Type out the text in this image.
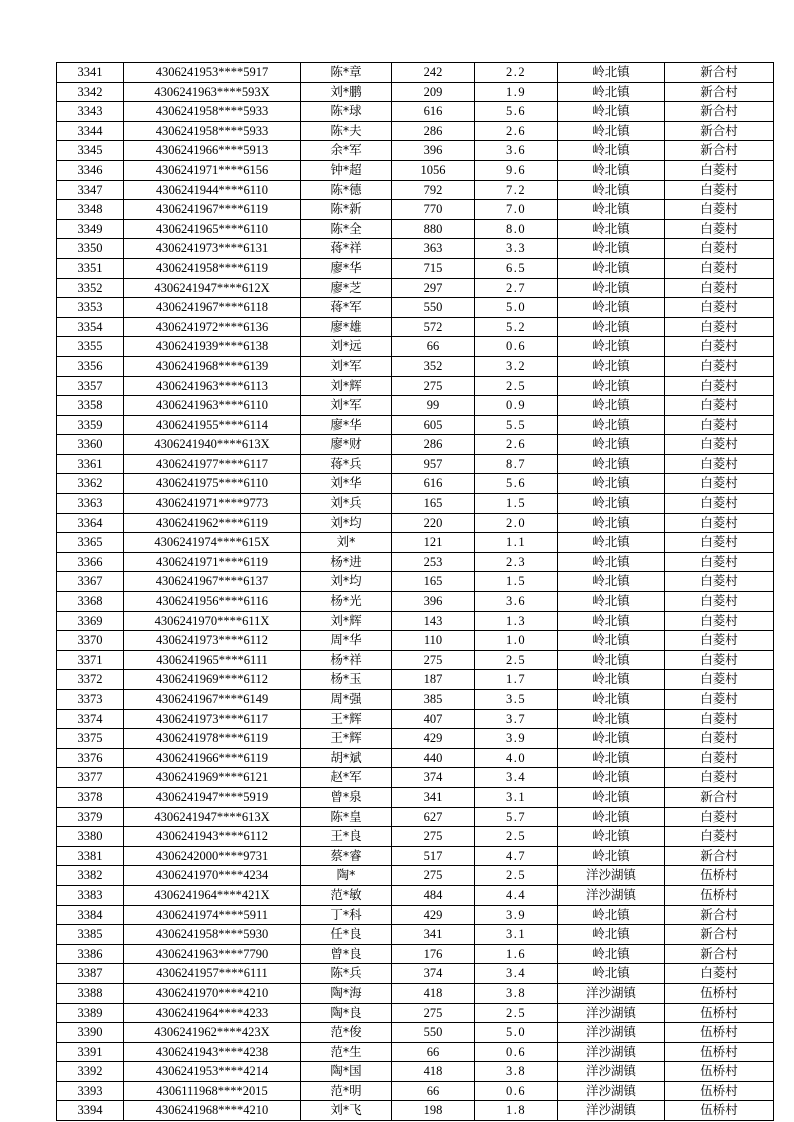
3341	4306241953****5917	陈*章	242	2.2	岭北镇	新合村
3342	4306241963****593X	刘*鹏	209	1.9	岭北镇	新合村
3343	4306241958****5933	陈*球	616	5.6	岭北镇	新合村
3344	4306241958****5933	陈*夫	286	2.6	岭北镇	新合村
3345	4306241966****5913	余*军	396	3.6	岭北镇	新合村
3346	4306241971****6156	钟*超	1056	9.6	岭北镇	白菱村
3347	4306241944****6110	陈*德	792	7.2	岭北镇	白菱村
3348	4306241967****6119	陈*新	770	7.0	岭北镇	白菱村
3349	4306241965****6110	陈*全	880	8.0	岭北镇	白菱村
3350	4306241973****6131	蒋*祥	363	3.3	岭北镇	白菱村
3351	4306241958****6119	廖*华	715	6.5	岭北镇	白菱村
3352	4306241947****612X	廖*芝	297	2.7	岭北镇	白菱村
3353	4306241967****6118	蒋*军	550	5.0	岭北镇	白菱村
3354	4306241972****6136	廖*雄	572	5.2	岭北镇	白菱村
3355	4306241939****6138	刘*远	66	0.6	岭北镇	白菱村
3356	4306241968****6139	刘*军	352	3.2	岭北镇	白菱村
3357	4306241963****6113	刘*辉	275	2.5	岭北镇	白菱村
3358	4306241963****6110	刘*军	99	0.9	岭北镇	白菱村
3359	4306241955****6114	廖*华	605	5.5	岭北镇	白菱村
3360	4306241940****613X	廖*财	286	2.6	岭北镇	白菱村
3361	4306241977****6117	蒋*兵	957	8.7	岭北镇	白菱村
3362	4306241975****6110	刘*华	616	5.6	岭北镇	白菱村
3363	4306241971****9773	刘*兵	165	1.5	岭北镇	白菱村
3364	4306241962****6119	刘*均	220	2.0	岭北镇	白菱村
3365	4306241974****615X	刘*	121	1.1	岭北镇	白菱村
3366	4306241971****6119	杨*进	253	2.3	岭北镇	白菱村
3367	4306241967****6137	刘*均	165	1.5	岭北镇	白菱村
3368	4306241956****6116	杨*光	396	3.6	岭北镇	白菱村
3369	4306241970****611X	刘*辉	143	1.3	岭北镇	白菱村
3370	4306241973****6112	周*华	110	1.0	岭北镇	白菱村
3371	4306241965****6111	杨*祥	275	2.5	岭北镇	白菱村
3372	4306241969****6112	杨*玉	187	1.7	岭北镇	白菱村
3373	4306241967****6149	周*强	385	3.5	岭北镇	白菱村
3374	4306241973****6117	王*辉	407	3.7	岭北镇	白菱村
3375	4306241978****6119	王*辉	429	3.9	岭北镇	白菱村
3376	4306241966****6119	胡*斌	440	4.0	岭北镇	白菱村
3377	4306241969****6121	赵*军	374	3.4	岭北镇	白菱村
3378	4306241947****5919	曾*泉	341	3.1	岭北镇	新合村
3379	4306241947****613X	陈*皇	627	5.7	岭北镇	白菱村
3380	4306241943****6112	王*良	275	2.5	岭北镇	白菱村
3381	4306242000****9731	蔡*睿	517	4.7	岭北镇	新合村
3382	4306241970****4234	陶*	275	2.5	洋沙湖镇	伍桥村
3383	4306241964****421X	范*敏	484	4.4	洋沙湖镇	伍桥村
3384	4306241974****5911	丁*科	429	3.9	岭北镇	新合村
3385	4306241958****5930	任*良	341	3.1	岭北镇	新合村
3386	4306241963****7790	曾*良	176	1.6	岭北镇	新合村
3387	4306241957****6111	陈*兵	374	3.4	岭北镇	白菱村
3388	4306241970****4210	陶*海	418	3.8	洋沙湖镇	伍桥村
3389	4306241964****4233	陶*良	275	2.5	洋沙湖镇	伍桥村
3390	4306241962****423X	范*俊	550	5.0	洋沙湖镇	伍桥村
3391	4306241943****4238	范*生	66	0.6	洋沙湖镇	伍桥村
3392	4306241953****4214	陶*国	418	3.8	洋沙湖镇	伍桥村
3393	4306111968****2015	范*明	66	0.6	洋沙湖镇	伍桥村
3394	4306241968****4210	刘*飞	198	1.8	洋沙湖镇	伍桥村
